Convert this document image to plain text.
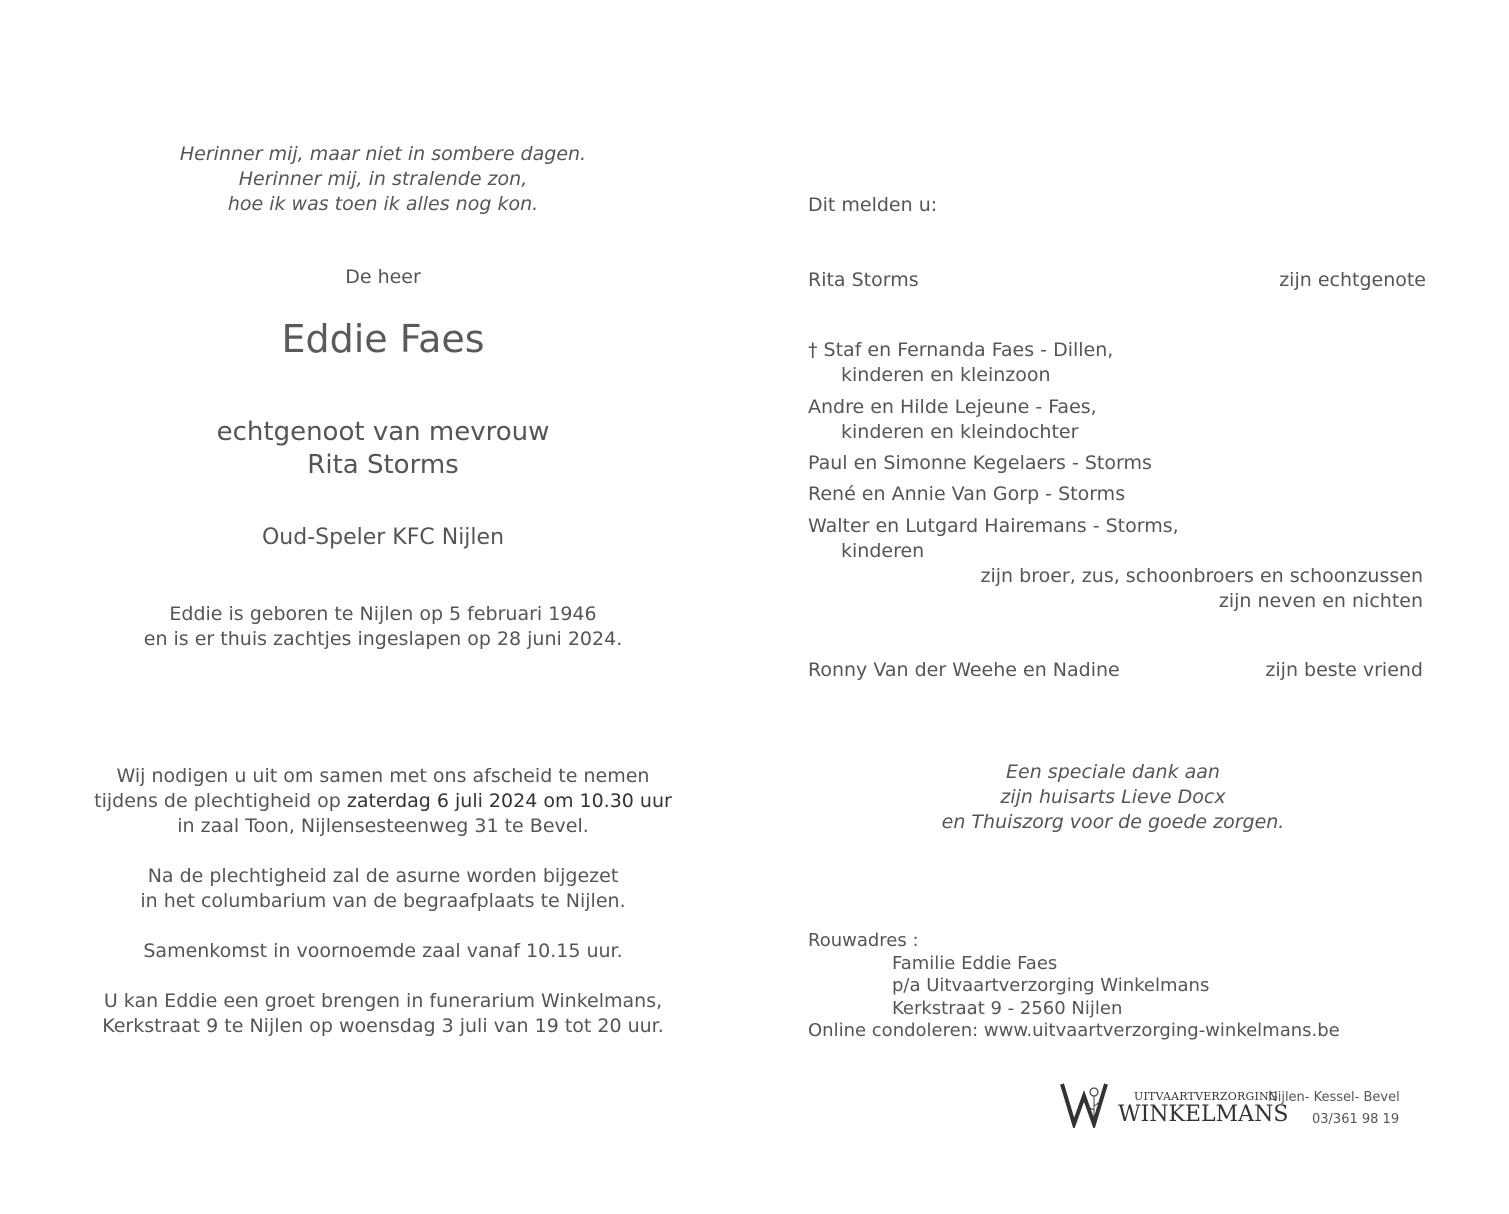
Herinner mij, maar niet in sombere dagen.
Herinner mij, in stralende zon,
hoe ik was toen ik alles nog kon.
De heer
Eddie Faes
echtgenoot van mevrouw
Rita Storms
Oud-Speler KFC Nijlen
Eddie is geboren te Nijlen op 5 februari 1946
en is er thuis zachtjes ingeslapen op 28 juni 2024.
Wij nodigen u uit om samen met ons afscheid te nemen
tijdens de plechtigheid op zaterdag 6 juli 2024 om 10.30 uur
in zaal Toon, Nijlensesteenweg 31 te Bevel.
Na de plechtigheid zal de asurne worden bijgezet
in het columbarium van de begraafplaats te Nijlen.
Samenkomst in voornoemde zaal vanaf 10.15 uur.
U kan Eddie een groet brengen in funerarium Winkelmans,
Kerkstraat 9 te Nijlen op woensdag 3 juli van 19 tot 20 uur.
Dit melden u:
Rita Storms	zijn echtgenote
† Staf en Fernanda Faes - Dillen,
kinderen en kleinzoon
Andre en Hilde Lejeune - Faes,
kinderen en kleindochter
Paul en Simonne Kegelaers - Storms
René en Annie Van Gorp - Storms
Walter en Lutgard Hairemans - Storms,
kinderen
zijn broer, zus, schoonbroers en schoonzussen
zijn neven en nichten
Ronny Van der Weehe en Nadine	zijn beste vriend
Een speciale dank aan
zijn huisarts Lieve Docx
en Thuiszorg voor de goede zorgen.
Rouwadres :
Familie Eddie Faes
p/a Uitvaartverzorging Winkelmans
Kerkstraat 9 - 2560 Nijlen
Online condoleren: www.uitvaartverzorging-winkelmans.be
UITVAARTVERZORGING
WINKELMANS
Nijlen- Kessel- Bevel
03/361 98 19
